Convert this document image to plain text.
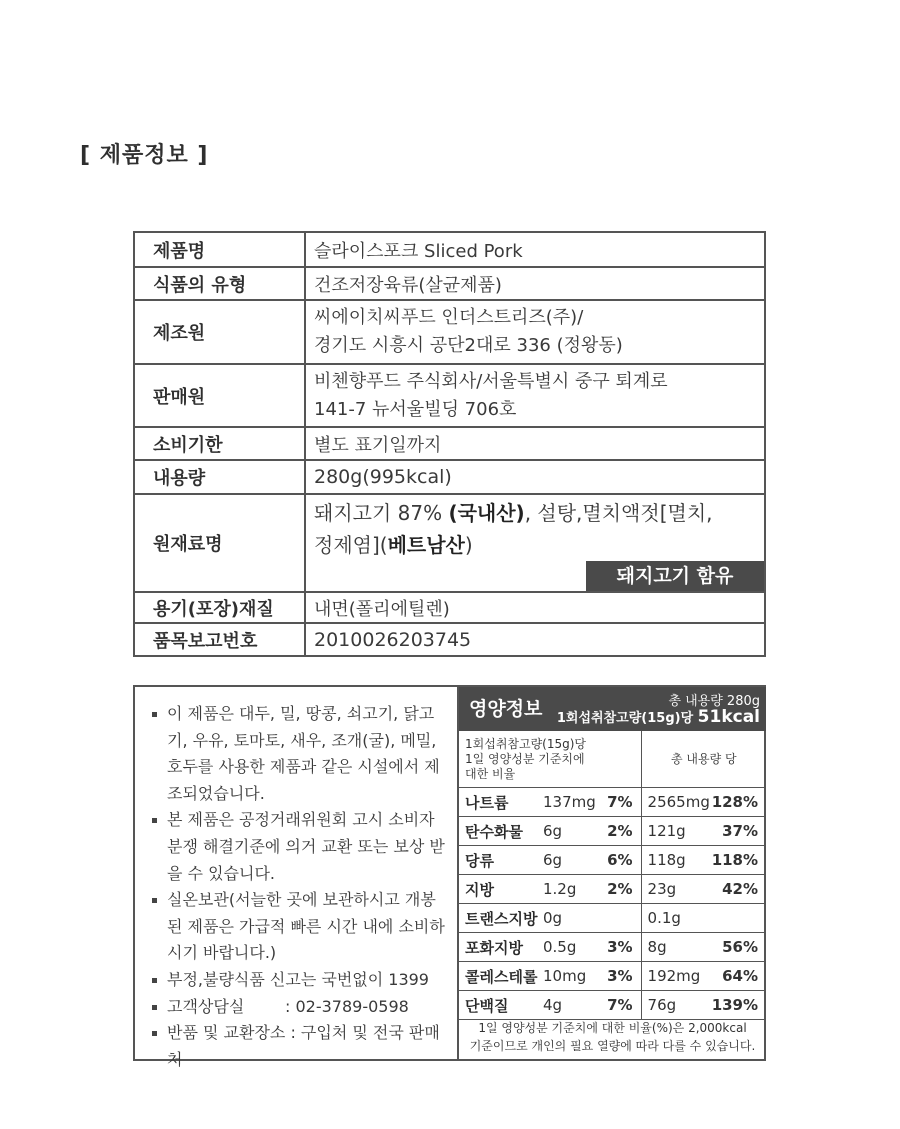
[ 제품정보 ]
제품명	슬라이스포크 Sliced Pork
식품의 유형	건조저장육류(살균제품)
제조원	씨에이치씨푸드 인더스트리즈(주)/
경기도 시흥시 공단2대로 336 (정왕동)

판매원	비첸향푸드 주식회사/서울특별시 중구 퇴계로
141-7 뉴서울빌딩 706호

소비기한	별도 표기일까지
내용량	280g(995kcal)
원재료명	돼지고기 87% (국내산), 설탕,멸치액젓[멸치,
정제염](베트남산)
돼지고기 함유

용기(포장)재질	내면(폴리에틸렌)
품목보고번호	2010026203745
이 제품은 대두, 밀, 땅콩, 쇠고기, 닭고기, 우유, 토마토, 새우, 조개(굴), 메밀, 호두를 사용한 제품과 같은 시설에서 제조되었습니다.
본 제품은 공정거래위원회 고시 소비자 분쟁 해결기준에 의거 교환 또는 보상 받을 수 있습니다.
실온보관(서늘한 곳에 보관하시고 개봉된 제품은 가급적 빠른 시간 내에 소비하시기 바랍니다.)
부정,불량식품 신고는 국번없이 1399
고객상담실	: 02-3789-0598
반품 및 교환장소 : 구입처 및 전국 판매처
영양정보	총 내용량 280g
1회섭취참고량(15g)당 51kcal
1회섭취참고량(15g)당
1일 영양성분 기준치에
대한 비율			총 내용량 당	
나트륨	137mg	7%	2565mg	128%
탄수화물	6g	2%	121g	37%
당류	6g	6%	118g	118%
지방	1.2g	2%	23g	42%
트랜스지방	0g		0.1g	
포화지방	0.5g	3%	8g	56%
콜레스테롤	10mg	3%	192mg	64%
단백질	4g	7%	76g	139%
1일 영양성분 기준치에 대한 비율(%)은 2,000kcal
기준이므로 개인의 필요 열량에 따라 다를 수 있습니다.
